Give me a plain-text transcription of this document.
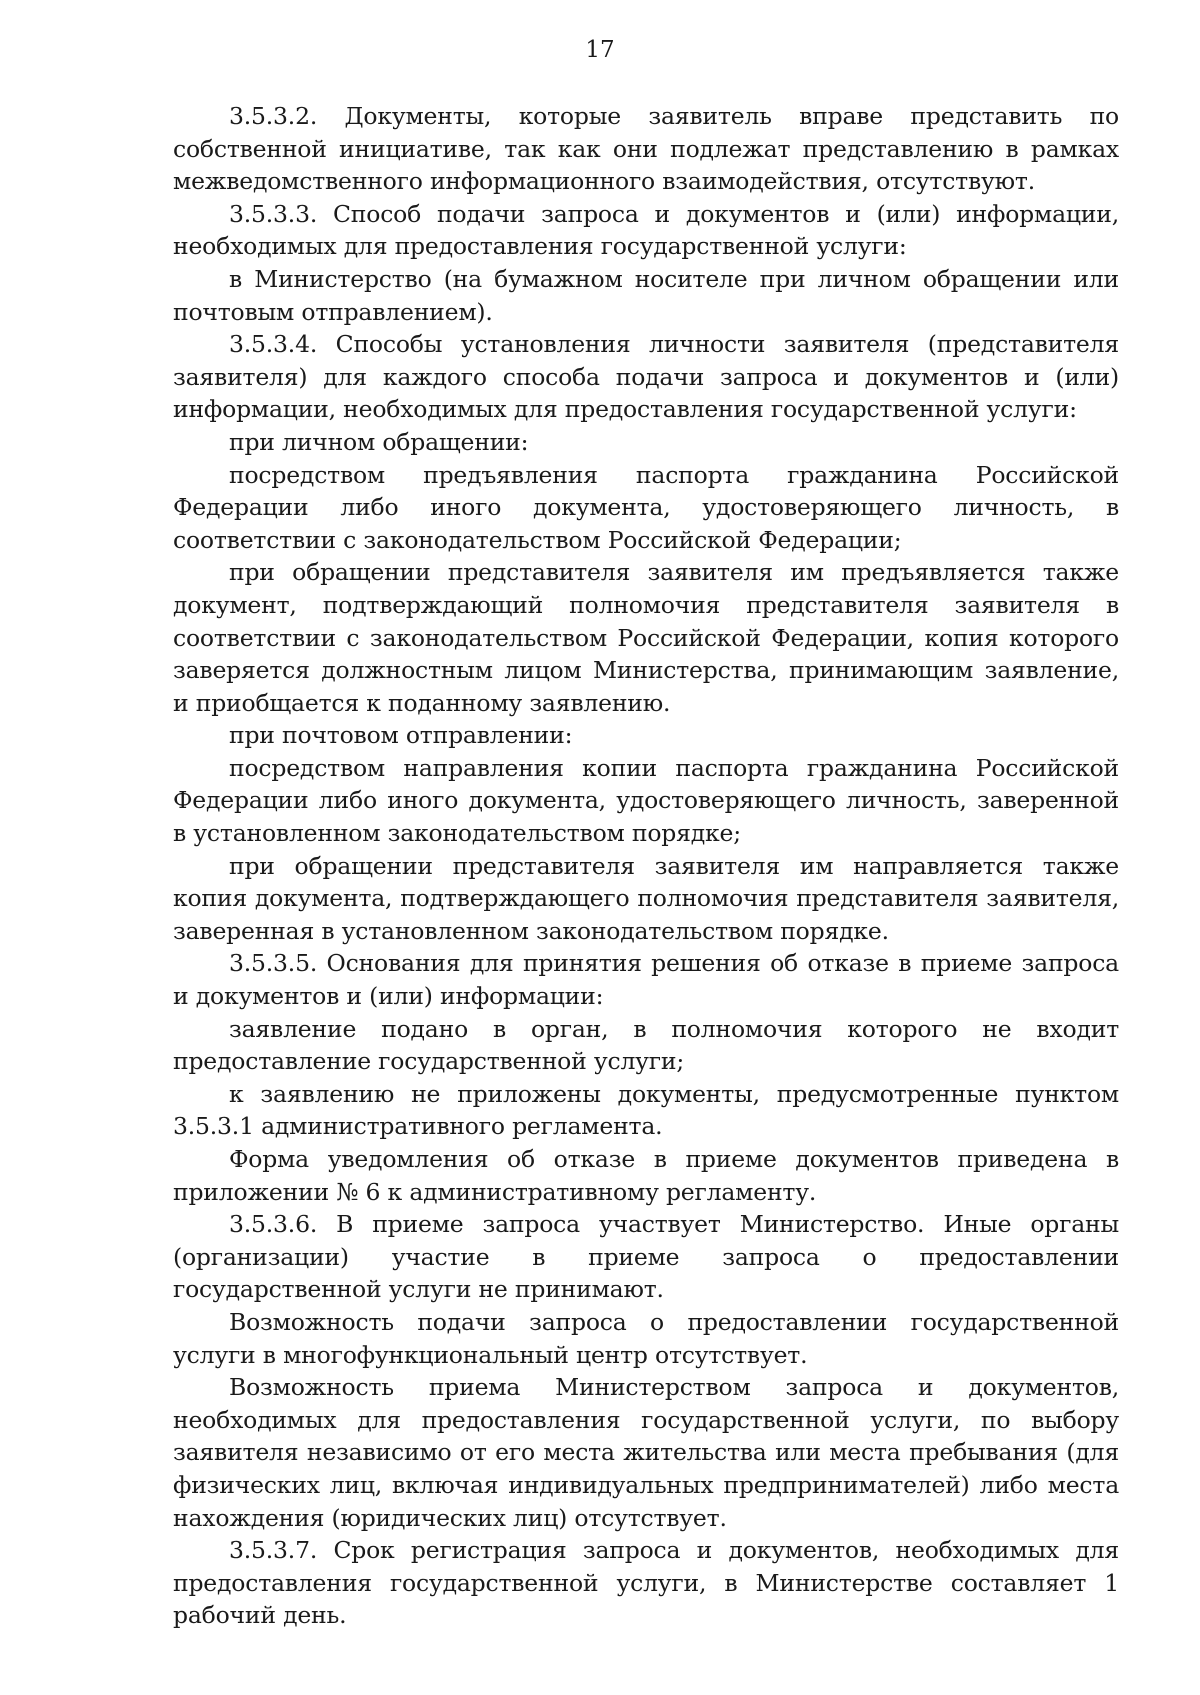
17

3.5.3.2. Документы, которые заявитель вправе представить по собственной инициативе, так как они подлежат представлению в рамках межведомственного информационного взаимодействия, отсутствуют.

3.5.3.3. Способ подачи запроса и документов и (или) информации, необходимых для предоставления государственной услуги:

в Министерство (на бумажном носителе при личном обращении или почтовым отправлением).

3.5.3.4. Способы установления личности заявителя (представителя заявителя) для каждого способа подачи запроса и документов и (или) информации, необходимых для предоставления государственной услуги:

при личном обращении:

посредством предъявления паспорта гражданина Российской Федерации либо иного документа, удостоверяющего личность, в соответствии с законодательством Российской Федерации;

при обращении представителя заявителя им предъявляется также документ, подтверждающий полномочия представителя заявителя в соответствии с законодательством Российской Федерации, копия которого заверяется должностным лицом Министерства, принимающим заявление, и приобщается к поданному заявлению.

при почтовом отправлении:

посредством направления копии паспорта гражданина Российской Федерации либо иного документа, удостоверяющего личность, заверенной в установленном законодательством порядке;

при обращении представителя заявителя им направляется также копия документа, подтверждающего полномочия представителя заявителя, заверенная в установленном законодательством порядке.

3.5.3.5. Основания для принятия решения об отказе в приеме запроса и документов и (или) информации:

заявление подано в орган, в полномочия которого не входит предоставление государственной услуги;

к заявлению не приложены документы, предусмотренные пунктом 3.5.3.1 административного регламента.

Форма уведомления об отказе в приеме документов приведена в приложении № 6 к административному регламенту.

3.5.3.6. В приеме запроса участвует Министерство. Иные органы (организации) участие в приеме запроса о предоставлении государственной услуги не принимают.

Возможность подачи запроса о предоставлении государственной услуги в многофункциональный центр отсутствует.

Возможность приема Министерством запроса и документов, необходимых для предоставления государственной услуги, по выбору заявителя независимо от его места жительства или места пребывания (для физических лиц, включая индивидуальных предпринимателей) либо места нахождения (юридических лиц) отсутствует.

3.5.3.7. Срок регистрация запроса и документов, необходимых для предоставления государственной услуги, в Министерстве составляет 1 рабочий день.
